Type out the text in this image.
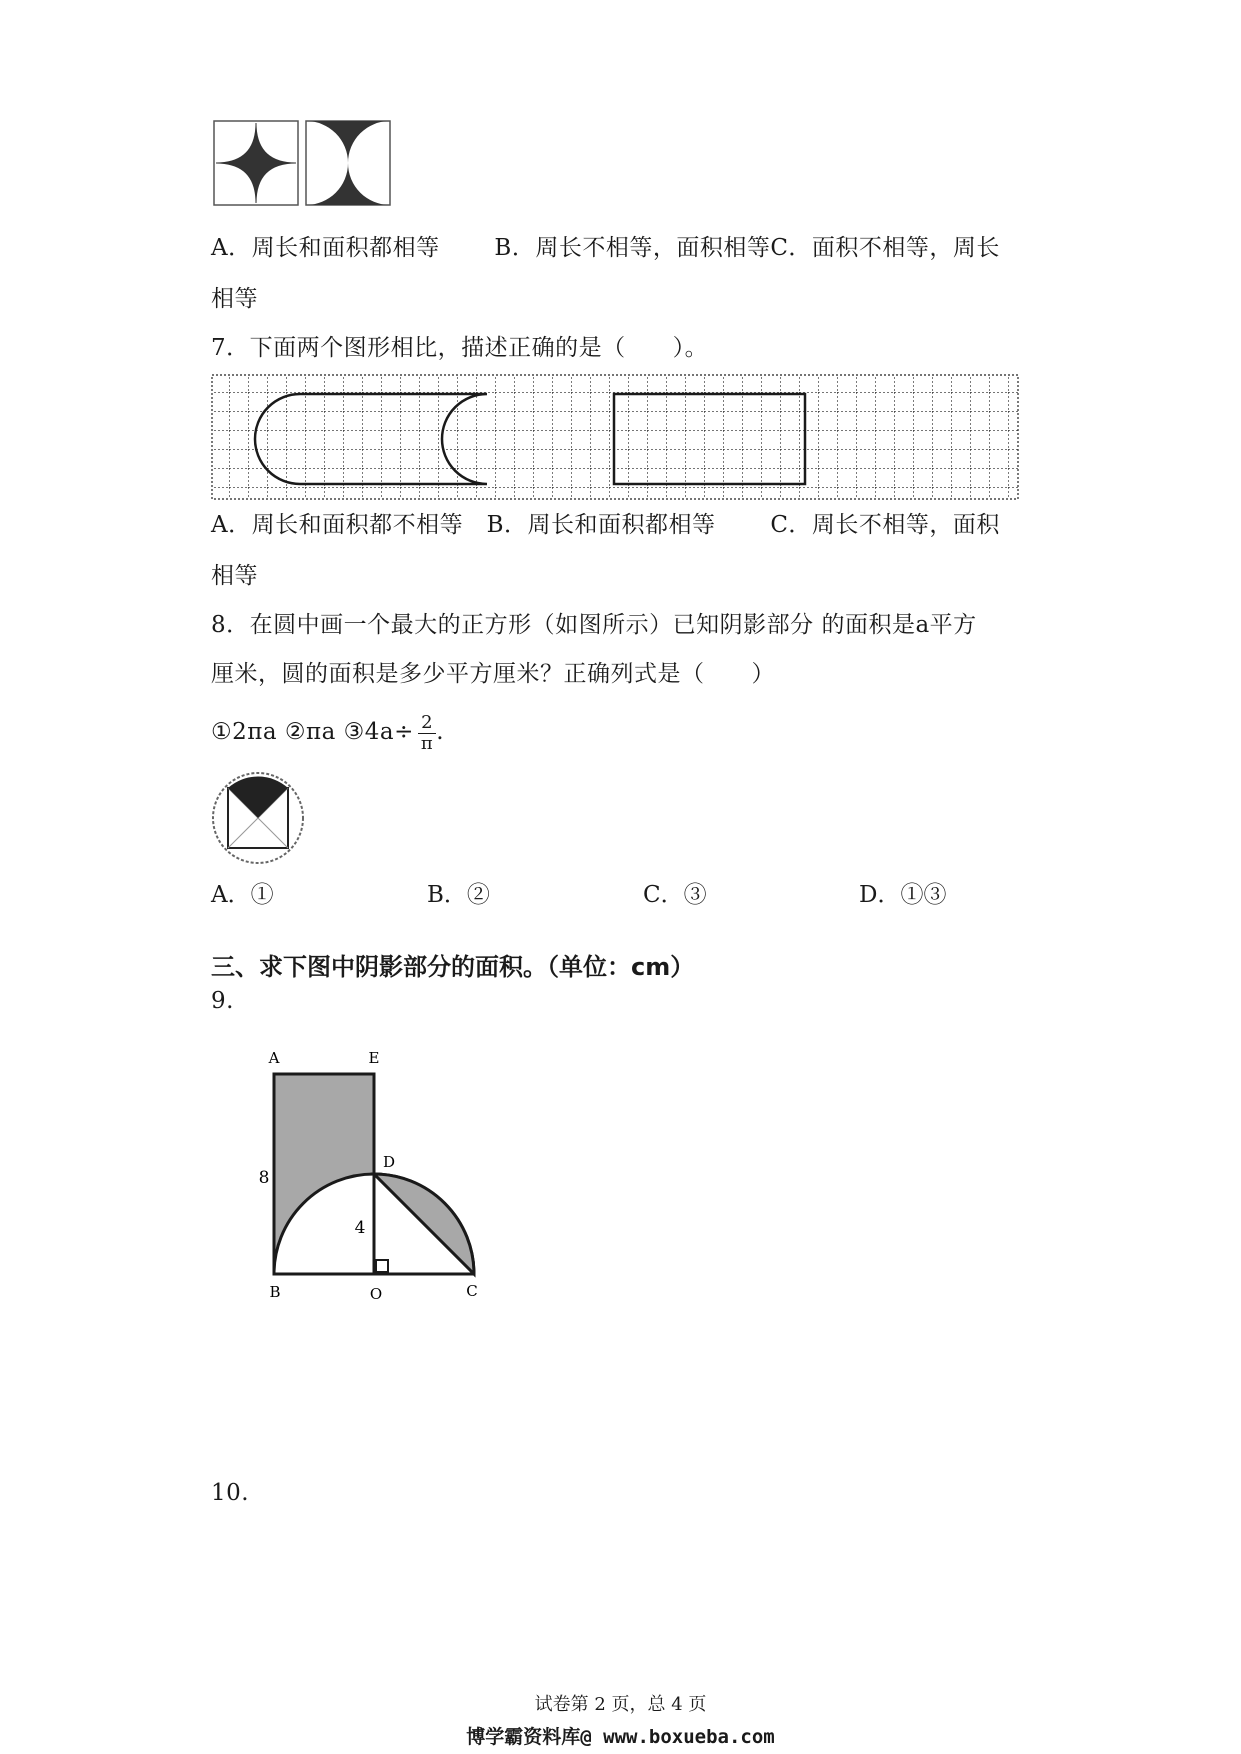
A．周长和面积都相等　　 B．周长不相等，面积相等C．面积不相等，周长
相等
7．下面两个图形相比，描述正确的是（　　）。
A．周长和面积都不相等　B．周长和面积都相等　　 C．周长不相等，面积
相等
8．在圆中画一个最大的正方形（如图所示）已知阴影部分 的面积是a平方
厘米，圆的面积是多少平方厘米？正确列式是（　　）
①2πa ②πa ③4a÷ $\frac{2}{\pi}$ .
A．①	B．②	C．③	D．①③
三、求下图中阴影部分的面积。（单位：cm）
9.
A	E
D
B	O	C
8
4
10.
试卷第 2 页，总 4 页
博学霸资料库@ www.boxueba.com
